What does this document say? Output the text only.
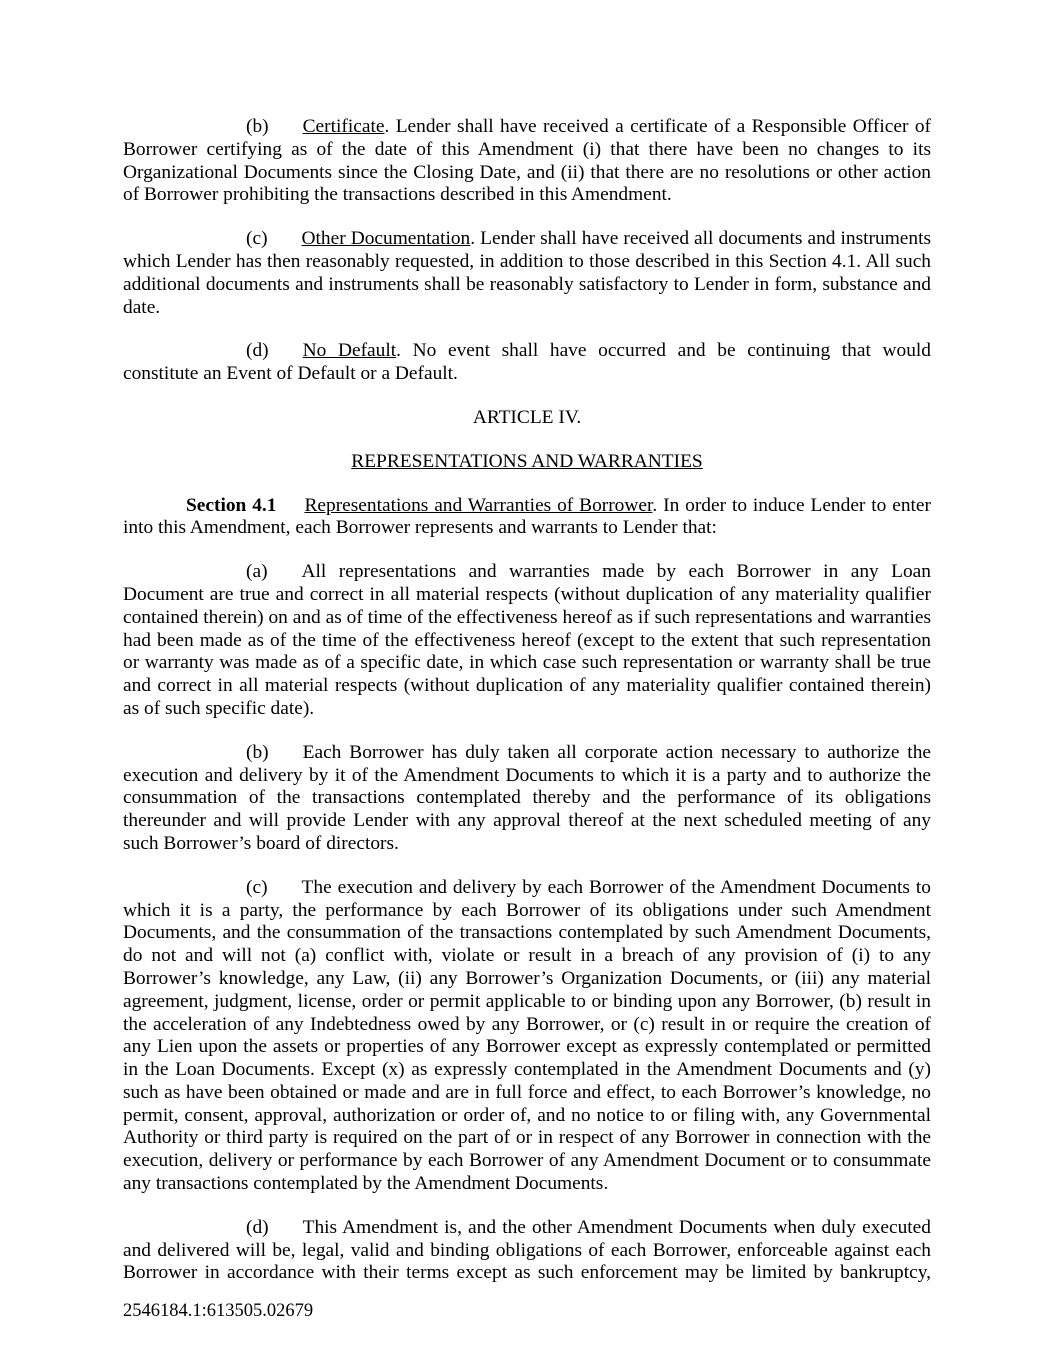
(b) Certificate. Lender shall have received a certificate of a Responsible Officer of Borrower certifying as of the date of this Amendment (i) that there have been no changes to its Organizational Documents since the Closing Date, and (ii) that there are no resolutions or other action of Borrower prohibiting the transactions described in this Amendment.

(c) Other Documentation. Lender shall have received all documents and instruments which Lender has then reasonably requested, in addition to those described in this Section 4.1. All such additional documents and instruments shall be reasonably satisfactory to Lender in form, substance and date.

(d) No Default. No event shall have occurred and be continuing that would constitute an Event of Default or a Default.

ARTICLE IV.

REPRESENTATIONS AND WARRANTIES

Section 4.1 Representations and Warranties of Borrower. In order to induce Lender to enter into this Amendment, each Borrower represents and warrants to Lender that:

(a) All representations and warranties made by each Borrower in any Loan Document are true and correct in all material respects (without duplication of any materiality qualifier contained therein) on and as of time of the effectiveness hereof as if such representations and warranties had been made as of the time of the effectiveness hereof (except to the extent that such representation or warranty was made as of a specific date, in which case such representation or warranty shall be true and correct in all material respects (without duplication of any materiality qualifier contained therein) as of such specific date).

(b) Each Borrower has duly taken all corporate action necessary to authorize the execution and delivery by it of the Amendment Documents to which it is a party and to authorize the consummation of the transactions contemplated thereby and the performance of its obligations thereunder and will provide Lender with any approval thereof at the next scheduled meeting of any such Borrower’s board of directors.

(c) The execution and delivery by each Borrower of the Amendment Documents to which it is a party, the performance by each Borrower of its obligations under such Amendment Documents, and the consummation of the transactions contemplated by such Amendment Documents, do not and will not (a) conflict with, violate or result in a breach of any provision of (i) to any Borrower’s knowledge, any Law, (ii) any Borrower’s Organization Documents, or (iii) any material agreement, judgment, license, order or permit applicable to or binding upon any Borrower, (b) result in the acceleration of any Indebtedness owed by any Borrower, or (c) result in or require the creation of any Lien upon the assets or properties of any Borrower except as expressly contemplated or permitted in the Loan Documents. Except (x) as expressly contemplated in the Amendment Documents and (y) such as have been obtained or made and are in full force and effect, to each Borrower’s knowledge, no permit, consent, approval, authorization or order of, and no notice to or filing with, any Governmental Authority or third party is required on the part of or in respect of any Borrower in connection with the execution, delivery or performance by each Borrower of any Amendment Document or to consummate any transactions contemplated by the Amendment Documents.

(d) This Amendment is, and the other Amendment Documents when duly executed and delivered will be, legal, valid and binding obligations of each Borrower, enforceable against each Borrower in accordance with their terms except as such enforcement may be limited by bankruptcy,

2546184.1:613505.02679
